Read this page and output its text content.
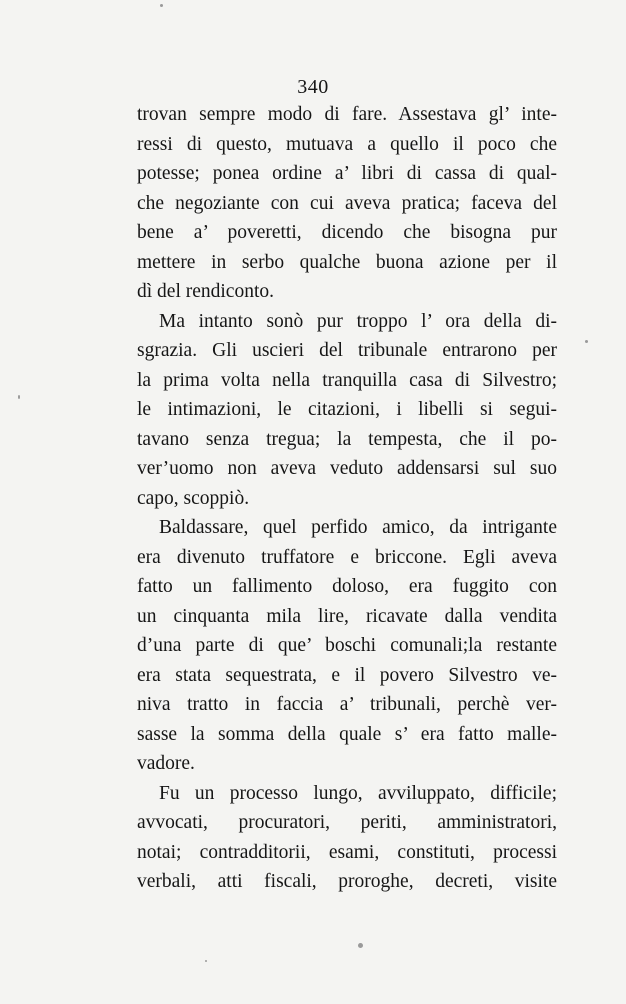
340
trovan sempre modo di fare. Assestava gl’ inte-
ressi di questo, mutuava a quello il poco che
potesse; ponea ordine a’ libri di cassa di qual-
che negoziante con cui aveva pratica; faceva del
bene a’ poveretti, dicendo che bisogna pur
mettere in serbo qualche buona azione per il
dì del rendiconto.
Ma intanto sonò pur troppo l’ ora della di-
sgrazia. Gli uscieri del tribunale entrarono per
la prima volta nella tranquilla casa di Silvestro;
le intimazioni, le citazioni, i libelli si segui-
tavano senza tregua; la tempesta, che il po-
ver’uomo non aveva veduto addensarsi sul suo
capo, scoppiò.
Baldassare, quel perfido amico, da intrigante
era divenuto truffatore e briccone. Egli aveva
fatto un fallimento doloso, era fuggito con
un cinquanta mila lire, ricavate dalla vendita
d’una parte di que’ boschi comunali;la restante
era stata sequestrata, e il povero Silvestro ve-
niva tratto in faccia a’ tribunali, perchè ver-
sasse la somma della quale s’ era fatto malle-
vadore.
Fu un processo lungo, avviluppato, difficile;
avvocati, procuratori, periti, amministratori,
notai; contradditorii, esami, constituti, processi
verbali, atti fiscali, proroghe, decreti, visite
